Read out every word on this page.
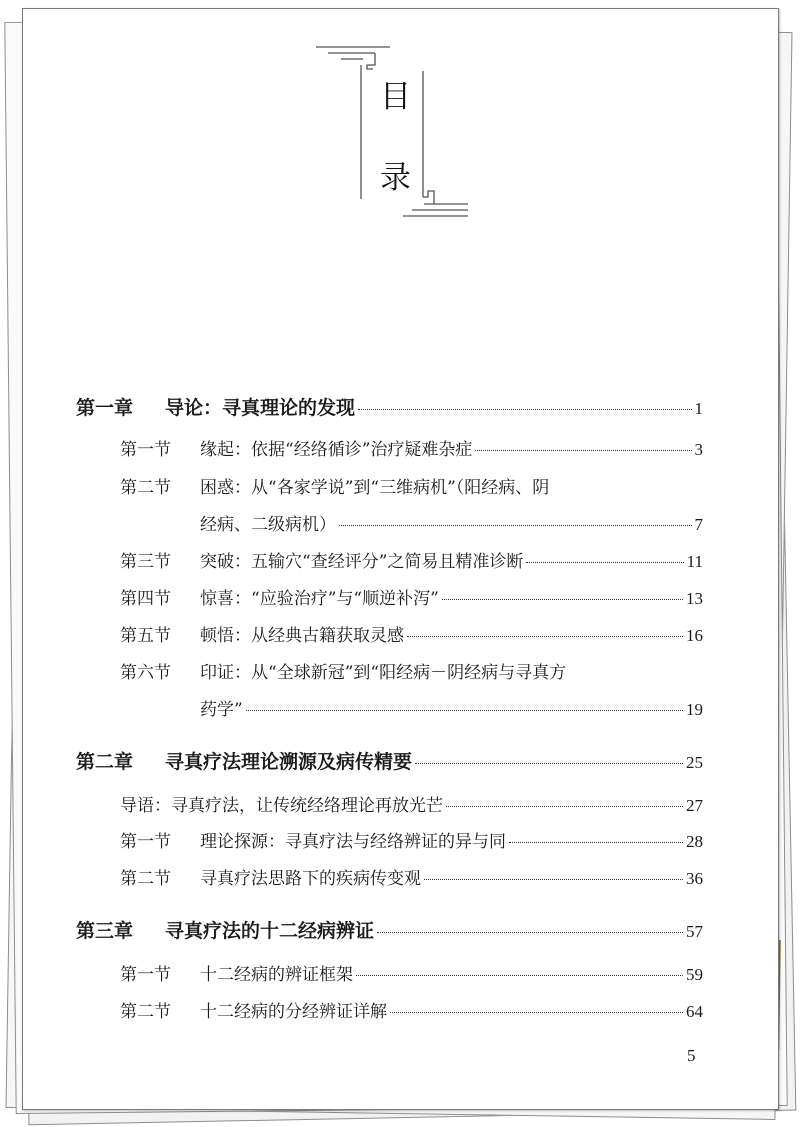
目
录
第一章	导论：寻真理论的发现	1
第一节	缘起：依据“经络循诊”治疗疑难杂症	3
第二节	困惑：从“各家学说”到“三维病机”（阳经病、阴
经病、二级病机）	7
第三节	突破：五输穴“查经评分”之简易且精准诊断	11
第四节	惊喜：“应验治疗”与“顺逆补泻”	13
第五节	顿悟：从经典古籍获取灵感	16
第六节	印证：从“全球新冠”到“阳经病－阴经病与寻真方
药学”	19
第二章	寻真疗法理论溯源及病传精要	25
导语：寻真疗法，让传统经络理论再放光芒	27
第一节	理论探源：寻真疗法与经络辨证的异与同	28
第二节	寻真疗法思路下的疾病传变观	36
第三章	寻真疗法的十二经病辨证	57
第一节	十二经病的辨证框架	59
第二节	十二经病的分经辨证详解	64
5
